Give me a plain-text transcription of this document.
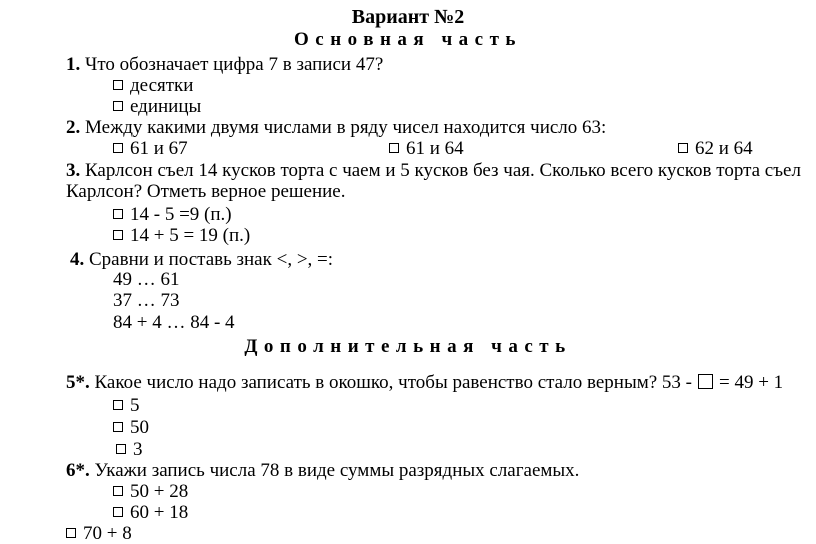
Вариант №2
Основная часть
1. Что обозначает цифра 7 в записи 47?
десятки
единицы
2. Между какими двумя числами в ряду чисел находится число 63:
61 и 67	61 и 64	62 и 64
3. Карлсон съел 14 кусков торта с чаем и 5 кусков без чая. Сколько всего кусков торта съел
Карлсон? Отметь верное решение.
14 - 5 =9 (п.)
14 + 5 = 19 (п.)
4. Сравни и поставь знак <, >, =:
49 … 61
37 … 73
84 + 4 … 84 - 4
Дополнительная часть
5*. Какое число надо записать в окошко, чтобы равенство стало верным? 53 - = 49 + 1
5
50
3
6*. Укажи запись числа 78 в виде суммы разрядных слагаемых.
50 + 28
60 + 18
70 + 8
